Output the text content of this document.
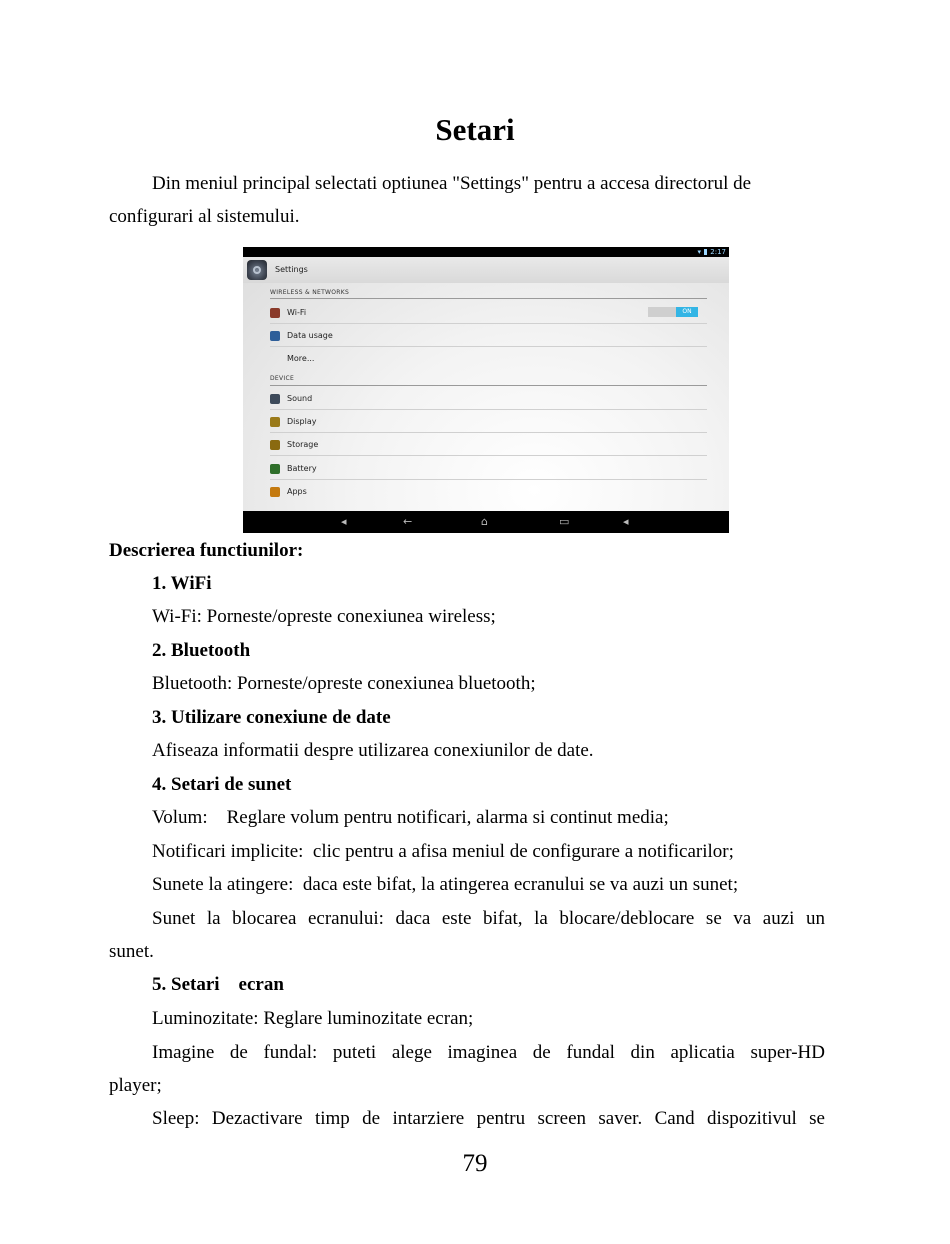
Setari

Din meniul principal selectati optiunea "Settings" pentru a accesa directorul de

configurari al sistemului.

▾ 2:17
Settings
WIRELESS & NETWORKS
Wi-Fi	ON
Data usage
More...
DEVICE
Sound
Display
Storage
Battery
Apps
◂	←	⌂	▭	◂

Descrierea functiunilor:

1. WiFi

Wi-Fi: Porneste/opreste conexiunea wireless;

2. Bluetooth

Bluetooth: Porneste/opreste conexiunea bluetooth;

3. Utilizare conexiune de date

Afiseaza informatii despre utilizarea conexiunilor de date.

4. Setari de sunet

Volum:    Reglare volum pentru notificari, alarma si continut media;

Notificari implicite:  clic pentru a afisa meniul de configurare a notificarilor;

Sunete la atingere:  daca este bifat, la atingerea ecranului se va auzi un sunet;

Sunet la blocarea ecranului: daca este bifat, la blocare/deblocare se va auzi un

sunet.

5. Setari    ecran

Luminozitate: Reglare luminozitate ecran;

Imagine de fundal: puteti alege imaginea de fundal din aplicatia super-HD

player;

Sleep: Dezactivare timp de intarziere pentru screen saver. Cand dispozitivul se

79
